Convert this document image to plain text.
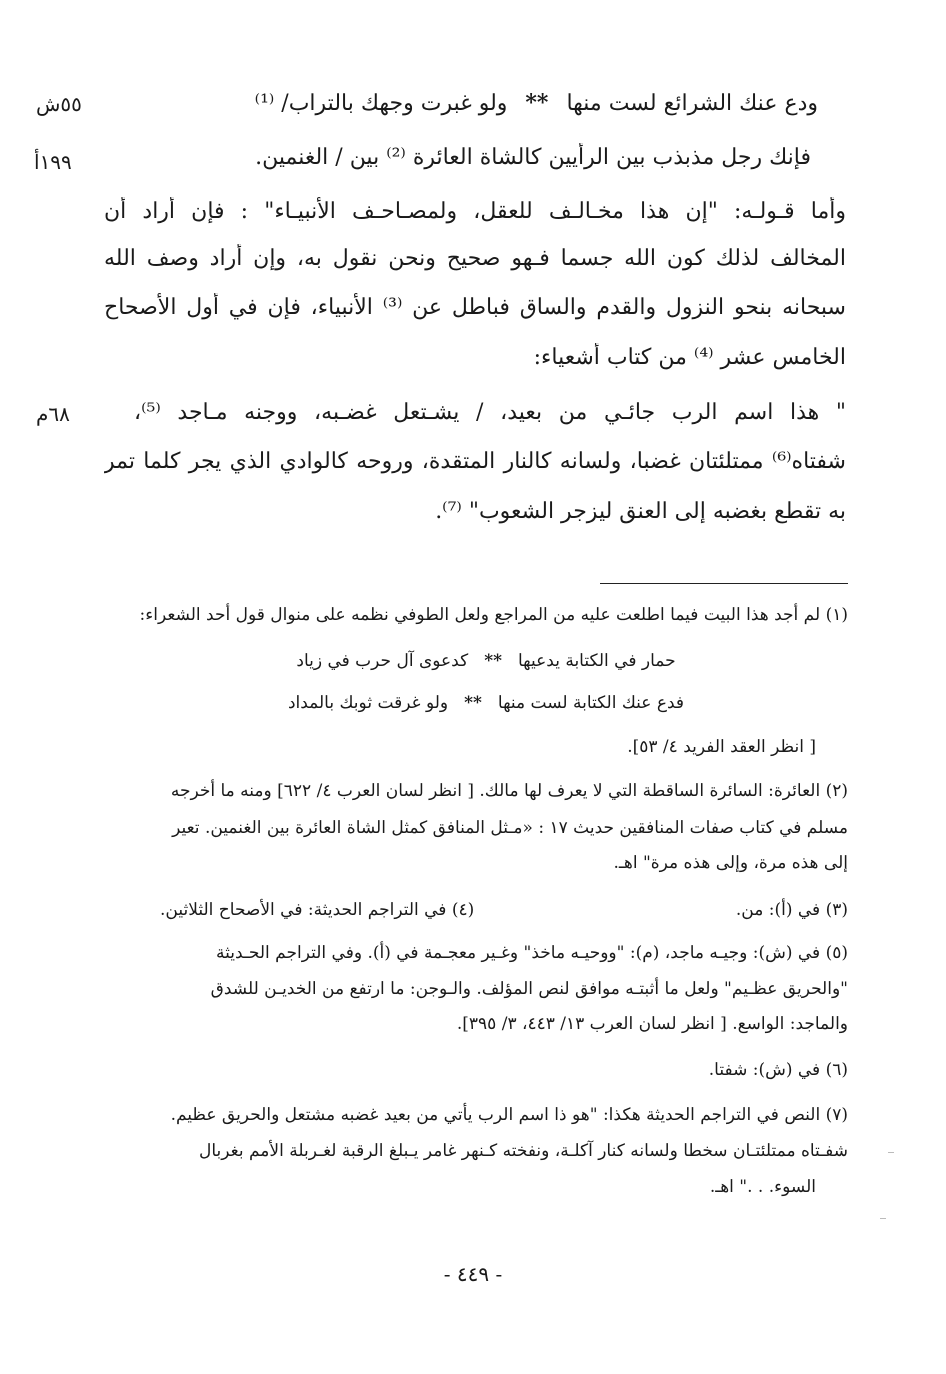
٥٥ش
١٩٩أ
٦٨م
ودع عنك الشرائع لست منها**ولو غبرت وجهك بالتراب/ ⁽¹⁾
فإنك رجل مذبذب بين الرأيين كالشاة العائرة ⁽²⁾ بين / الغنمين.
وأما قـولـه: "إن هذا مخـالـف للعقل، ولمصـاحـف الأنبيـاء" : فإن أراد أن
المخالف لذلك كون الله جسما فـهو صحيح ونحن نقول به، وإن أراد وصف الله
سبحانه بنحو النزول والقدم والساق فباطل عن ⁽³⁾ الأنبياء، فإن في أول الأصحاح
الخامس عشر ⁽⁴⁾ من كتاب أشعياء:
" هذا اسم الرب جائـي من بعيد، / يشـتعل غضـبه، ووجنه مـاجد ⁽⁵⁾،
شفتاه⁽⁶⁾ ممتلئتان غضبا، ولسانه كالنار المتقدة، وروحه كالوادي الذي يجر كلما تمر
به تقطع بغضبه إلى العنق ليزجر الشعوب" ⁽⁷⁾.
(١) لم أجد هذا البيت فيما اطلعت عليه من المراجع ولعل الطوفي نظمه على منوال قول أحد الشعراء:
حمار في الكتابة يدعيها**كدعوى آل حرب في زياد
فدع عنك الكتابة لست منها**ولو غرقت ثوبك بالمداد
[ انظر العقد الفريد ٤/ ٥٣].
(٢) العائرة: السائرة الساقطة التي لا يعرف لها مالك. [ انظر لسان العرب ٤/ ٦٢٢] ومنه ما أخرجه
مسلم في كتاب صفات المنافقين حديث ١٧ : «مـثل المنافق كمثل الشاة العائرة بين الغنمين. تعير
إلى هذه مرة، وإلى هذه مرة" اهـ.
(٣) في (أ): من.
(٤) في التراجم الحديثة: في الأصحاح الثلاثين.
(٥) في (ش): وجيـه ماجد، (م): "ووحيـه ماخذ" وغـير معجـمة في (أ). وفي التراجم الحـديثة
"والحريق عظـيم" ولعل ما أثبتـه موافق لنص المؤلف. والـوجن: ما ارتفع من الخديـن للشدق
والماجد: الواسع. [ انظر لسان العرب ١٣/ ٤٤٣، ٣/ ٣٩٥].
(٦) في (ش): شفتا.
(٧) النص في التراجم الحديثة هكذا: "هو ذا اسم الرب يأتي من بعيد غضبه مشتعل والحريق عظيم.
شفـتاه ممتلئتـان سخطا ولسانه كنار آكلـة، ونفخته كـنهر غامر يـبلغ الرقبة لغـربلة الأمم بغربال
السوء. . ." اهـ.
- ٤٤٩ -
